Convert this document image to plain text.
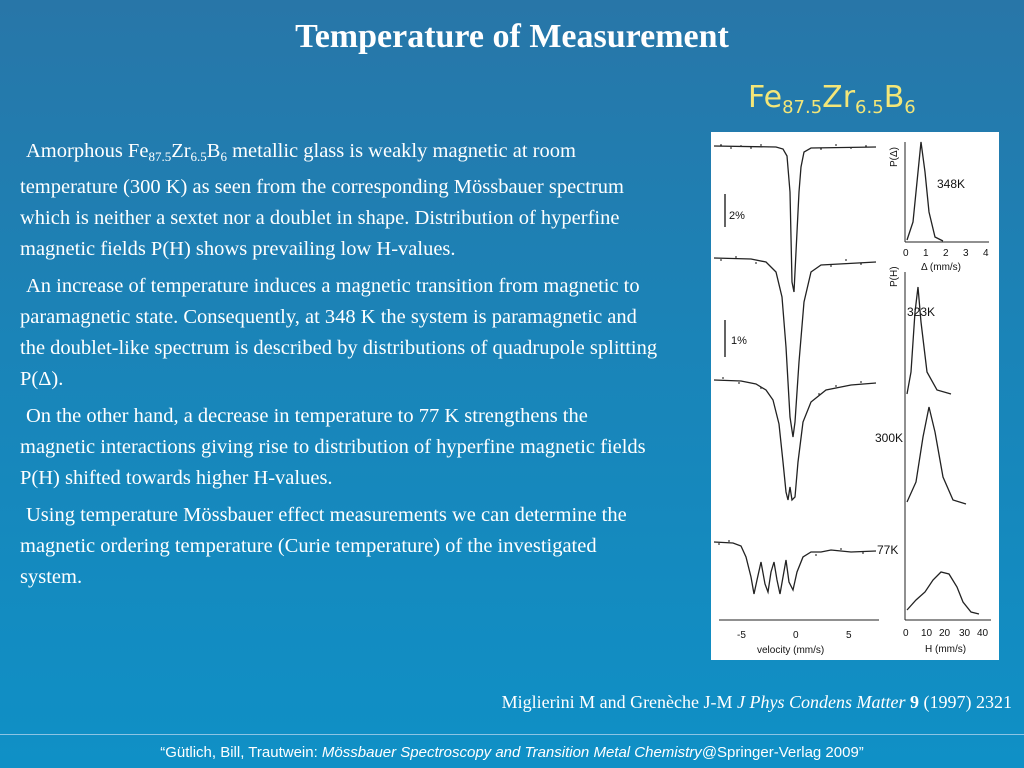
Temperature of Measurement
$Fe_{87.5}Zr_{6.5}B_6$

Amorphous $Fe_{87.5}Zr_{6.5}B_6$ metallic glass is weakly magnetic at room temperature (300 K) as seen from the corresponding Mössbauer spectrum which is neither a sextet nor a doublet in shape. Distribution of hyperfine magnetic fields P(H) shows prevailing low H-values.

An increase of temperature induces a magnetic transition from magnetic to paramagnetic state. Consequently, at 348 K the system is paramagnetic and the doublet-like spectrum is described by distributions of quadrupole splitting P(Δ).

On the other hand, a decrease in temperature to 77 K strengthens the magnetic interactions giving rise to distribution of hyperfine magnetic fields P(H) shifted towards higher H-values.

Using temperature Mössbauer effect measurements we can determine the magnetic ordering temperature (Curie temperature) of the investigated system.

2%
1%
P(Δ)
348K
0 1 2 3 4
Δ (mm/s)
P(H)
323K
300K
77K
-5	0	5
velocity (mm/s)
0 10 20 30 40
H (mm/s)
Miglierini M and Grenèche J-M J Phys Condens Matter 9 (1997) 2321
“Gütlich, Bill, Trautwein: Mössbauer Spectroscopy and Transition Metal Chemistry@Springer-Verlag 2009”
